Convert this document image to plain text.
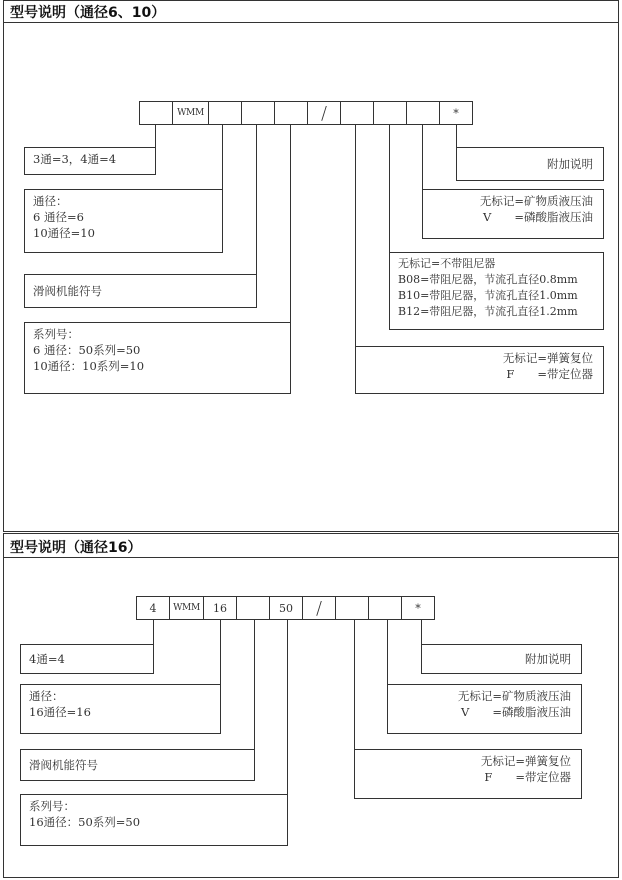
型号说明（通径6、10）
WMM	/	*
3通=3，4通=4
通径：
6 通径=6
10通径=10
滑阀机能符号
系列号：
6 通径：50系列=50
10通径：10系列=10
附加说明
无标记=矿物质液压油
V　　=磷酸脂液压油
无标记=不带阻尼器
B08=带阻尼器，节流孔直径0.8mm
B10=带阻尼器，节流孔直径1.0mm
B12=带阻尼器，节流孔直径1.2mm
无标记=弹簧复位
F　　=带定位器
型号说明（通径16）
4	WMM	16	50	/	*
4通=4
通径：
16通径=16
滑阀机能符号
系列号：
16通径：50系列=50
附加说明
无标记=矿物质液压油
V　　=磷酸脂液压油
无标记=弹簧复位
F　　=带定位器
